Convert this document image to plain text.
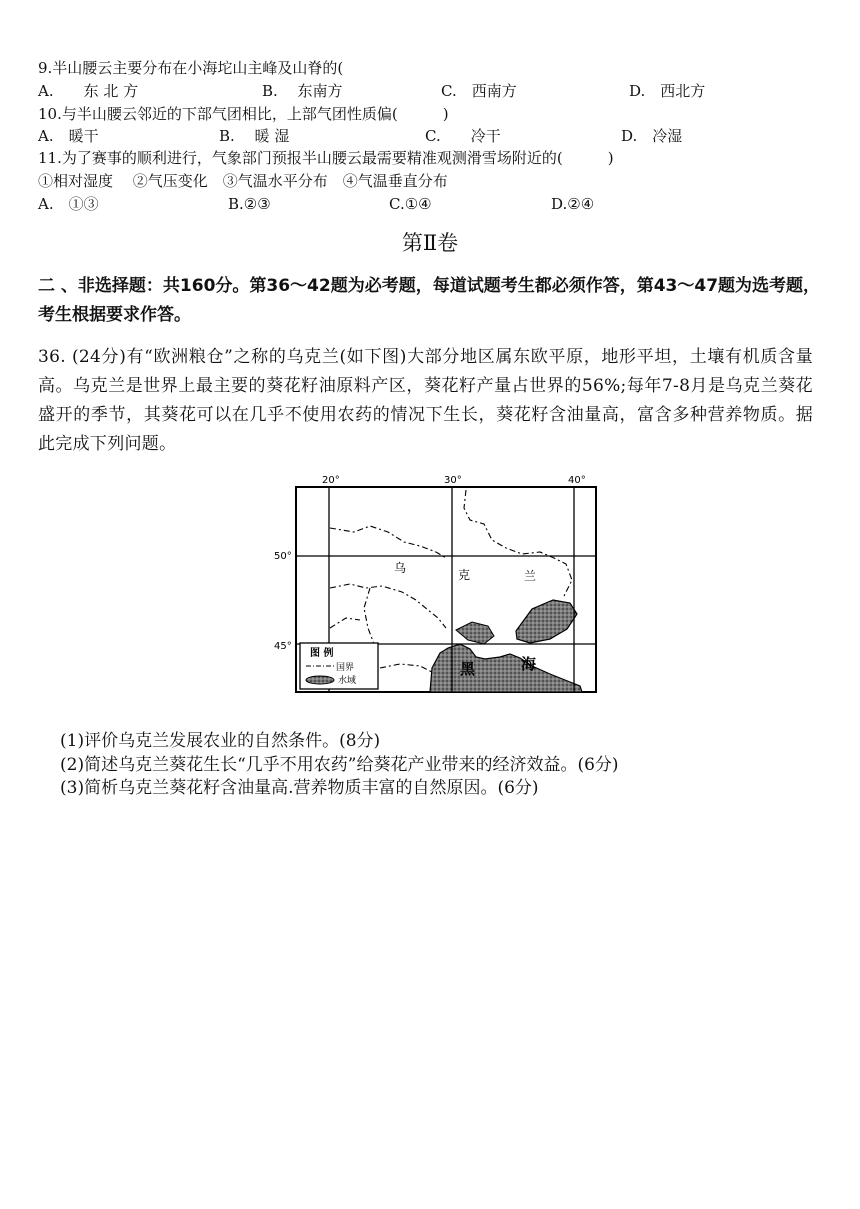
9.半山腰云主要分布在小海坨山主峰及山脊的(
A.　　东 北 方	B.　 东南方	C.　西南方	D.　西北方
10.与半山腰云邻近的下部气团相比，上部气团性质偏(　　　)
A.　暖干	B.　 暖 湿	C.　　冷干	D.　冷湿
11.为了赛事的顺利进行，气象部门预报半山腰云最需要精准观测滑雪场附近的(　　　)
①相对湿度　 ②气压变化　③气温水平分布　④气温垂直分布
A.　①③	B.②③	C.①④	D.②④
第Ⅱ卷
二 、非选择题：共160分。第36～42题为必考题，每道试题考生都必须作答，第43～47题为选考题，考生根据要求作答。
36. (24分)有“欧洲粮仓”之称的乌克兰(如下图)大部分地区属东欧平原，地形平坦，土壤有机质含量高。乌克兰是世界上最主要的葵花籽油原料产区，葵花籽产量占世界的56%;每年7-8月是乌克兰葵花盛开的季节，其葵花可以在几乎不使用农药的情况下生长，葵花籽含油量高，富含多种营养物质。据此完成下列问题。
20°	30°	40°
50°
45°
乌	克	兰
黑	海
图 例
国界
水域
(1)评价乌克兰发展农业的自然条件。(8分)
(2)简述乌克兰葵花生长“几乎不用农药”给葵花产业带来的经济效益。(6分)
(3)简析乌克兰葵花籽含油量高.营养物质丰富的自然原因。(6分)
